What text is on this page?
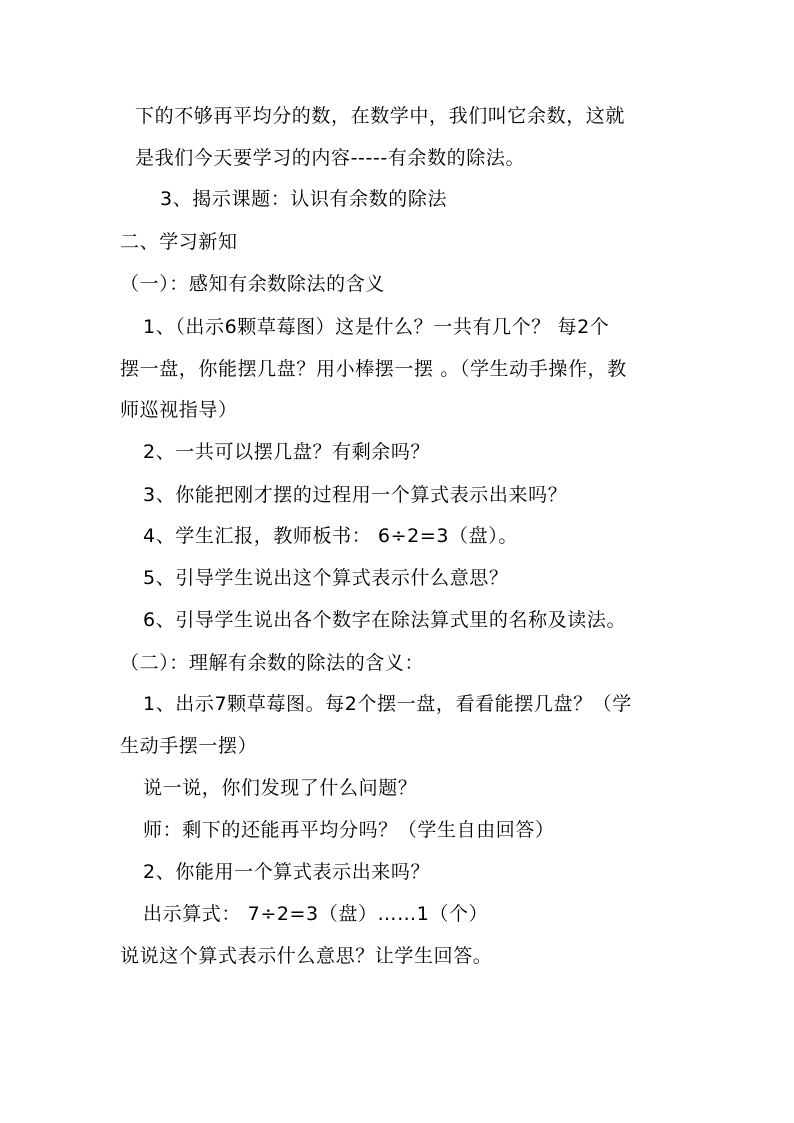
下的不够再平均分的数，在数学中，我们叫它余数，这就
是我们今天要学习的内容-----有余数的除法。
3、揭示课题：认识有余数的除法
二、学习新知
（一）：感知有余数除法的含义
1、（出示6颗草莓图）这是什么？一共有几个？ 每2个
摆一盘，你能摆几盘？用小棒摆一摆 。（学生动手操作，教
师巡视指导）
2、一共可以摆几盘？有剩余吗？
3、你能把刚才摆的过程用一个算式表示出来吗？
4、学生汇报，教师板书： 6÷2=3（盘）。
5、引导学生说出这个算式表示什么意思？
6、引导学生说出各个数字在除法算式里的名称及读法。
（二）：理解有余数的除法的含义：
1、出示7颗草莓图。每2个摆一盘，看看能摆几盘？（学
生动手摆一摆）
说一说，你们发现了什么问题？
师：剩下的还能再平均分吗？（学生自由回答）
2、你能用一个算式表示出来吗？
出示算式： 7÷2=3（盘）……1（个）
说说这个算式表示什么意思？让学生回答。
